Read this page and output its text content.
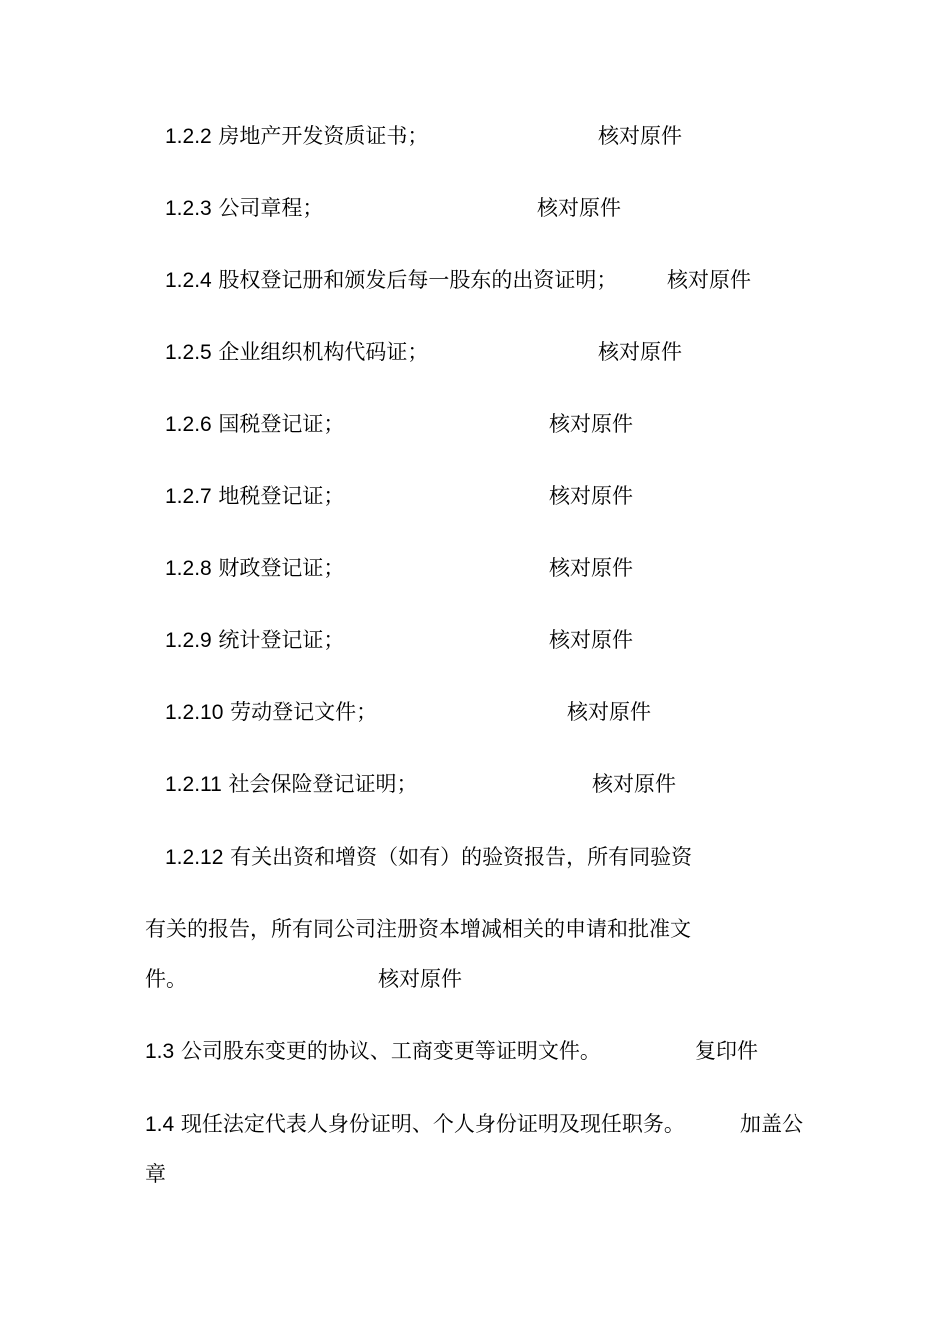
1.2.2 房地产开发资质证书；	核对原件
1.2.3 公司章程；	核对原件
1.2.4 股权登记册和颁发后每一股东的出资证明； 核对原件
1.2.5 企业组织机构代码证；	核对原件
1.2.6 国税登记证；	核对原件
1.2.7 地税登记证；	核对原件
1.2.8 财政登记证；	核对原件
1.2.9 统计登记证；	核对原件
1.2.10 劳动登记文件；	核对原件
1.2.11 社会保险登记证明；	核对原件
1.2.12 有关出资和增资（如有）的验资报告，所有同验资
有关的报告，所有同公司注册资本增减相关的申请和批准文
件。	核对原件
1.3 公司股东变更的协议、工商变更等证明文件。	复印件
1.4 现任法定代表人身份证明、个人身份证明及现任职务。	加盖公
章
